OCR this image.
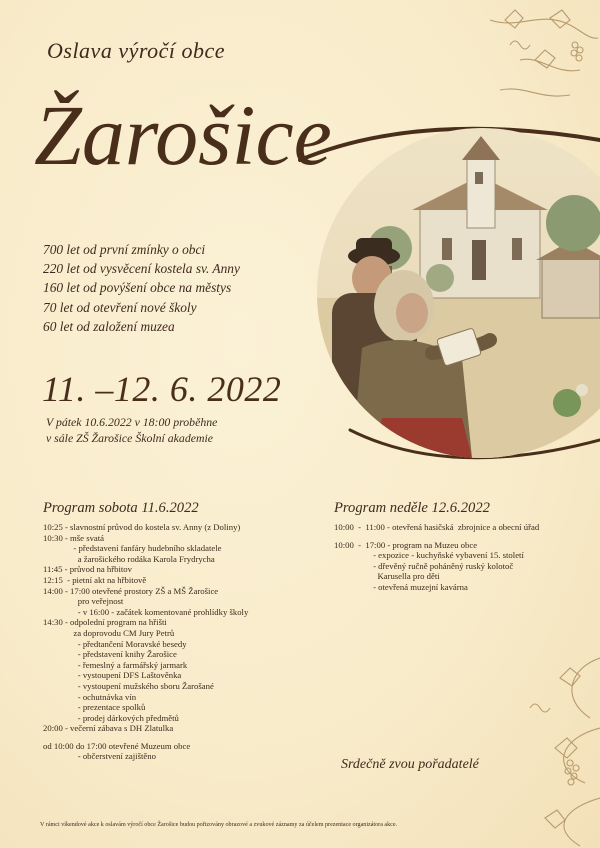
Oslava výročí obce
Žarošice
700 let od první zmínky o obci
220 let od vysvěcení kostela sv. Anny
160 let od povýšení obce na městys
70 let od otevření nové školy
60 let od založení muzea
11. –12. 6. 2022
V pátek 10.6.2022 v 18:00 proběhne
v sále ZŠ Žarošice Školní akademie
Program sobota 11.6.2022
10:25 - slavnostní průvod do kostela sv. Anny (z Doliny)
10:30 - mše svatá
- představení fanfáry hudebního skladatele
a žarošického rodáka Karola Frydrycha
11:45 - průvod na hřbitov
12:15  - pietní akt na hřbitově
14:00 - 17:00 otevřené prostory ZŠ a MŠ Žarošice
pro veřejnost
- v 16:00 - začátek komentované prohlídky školy
14:30 - odpolední program na hřišti
za doprovodu CM Jury Petrů
- předtančení Moravské besedy
- představení knihy Žarošice
- řemeslný a farmářský jarmark
- vystoupení DFS Laštověnka
- vystoupení mužského sboru Žarošané
- ochutnávka vín
- prezentace spolků
- prodej dárkových předmětů
20:00 - večerní zábava s DH Zlatulka
od 10:00 do 17:00 otevřené Muzeum obce
- občerstvení zajištěno
Program neděle 12.6.2022
10:00  -  11:00 - otevřená hasičská  zbrojnice a obecní úřad
10:00  -  17:00 - program na Muzeu obce
- expozice - kuchyňské vybavení 15. století
- dřevěný ručně poháněný ruský kolotoč
Karusella pro děti
- otevřená muzejní kavárna
Srdečně zvou pořadatelé
V rámci víkendové akce k oslavám výročí obce Žarošice budou pořizovány obrazové a zvukové záznamy za účelem prezentace organizátora akce.
